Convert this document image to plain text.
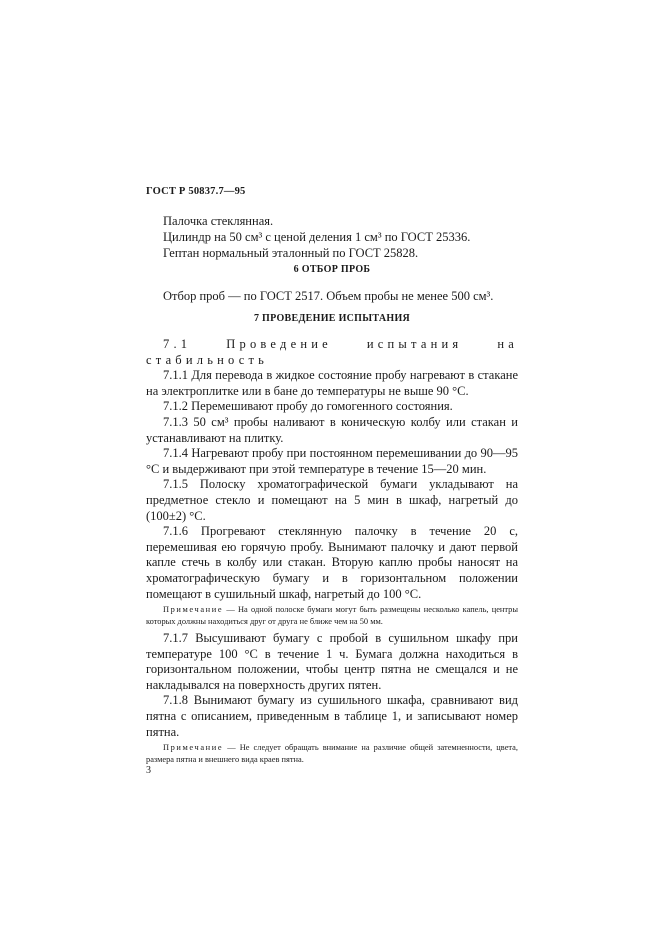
ГОСТ Р 50837.7—95

Палочка стеклянная.

Цилиндр на 50 см³ с ценой деления 1 см³ по ГОСТ 25336.

Гептан нормальный эталонный по ГОСТ 25828.

6 ОТБОР ПРОБ
Отбор проб — по ГОСТ 2517. Объем пробы не менее 500 см³.
7 ПРОВЕДЕНИЕ ИСПЫТАНИЯ

7.1 Проведение испытания на стабильность

7.1.1 Для перевода в жидкое состояние пробу нагревают в стакане на электроплитке или в бане до температуры не выше 90 °С.

7.1.2 Перемешивают пробу до гомогенного состояния.

7.1.3 50 см³ пробы наливают в коническую колбу или стакан и устанавливают на плитку.

7.1.4 Нагревают пробу при постоянном перемешивании до 90—95 °С и выдерживают при этой температуре в течение 15—20 мин.

7.1.5 Полоску хроматографической бумаги укладывают на предметное стекло и помещают на 5 мин в шкаф, нагретый до (100±2) °С.

7.1.6 Прогревают стеклянную палочку в течение 20 с, перемешивая ею горячую пробу. Вынимают палочку и дают первой капле стечь в колбу или стакан. Вторую каплю пробы наносят на хроматографическую бумагу и в горизонтальном положении помещают в сушильный шкаф, нагретый до 100 °С.

Примечание — На одной полоске бумаги могут быть размещены несколько капель, центры которых должны находиться друг от друга не ближе чем на 50 мм.

7.1.7 Высушивают бумагу с пробой в сушильном шкафу при температуре 100 °С в течение 1 ч. Бумага должна находиться в горизонтальном положении, чтобы центр пятна не смещался и не накладывался на поверхность других пятен.

7.1.8 Вынимают бумагу из сушильного шкафа, сравнивают вид пятна с описанием, приведенным в таблице 1, и записывают номер пятна.

Примечание — Не следует обращать внимание на различие общей затемненности, цвета, размера пятна и внешнего вида краев пятна.

3
